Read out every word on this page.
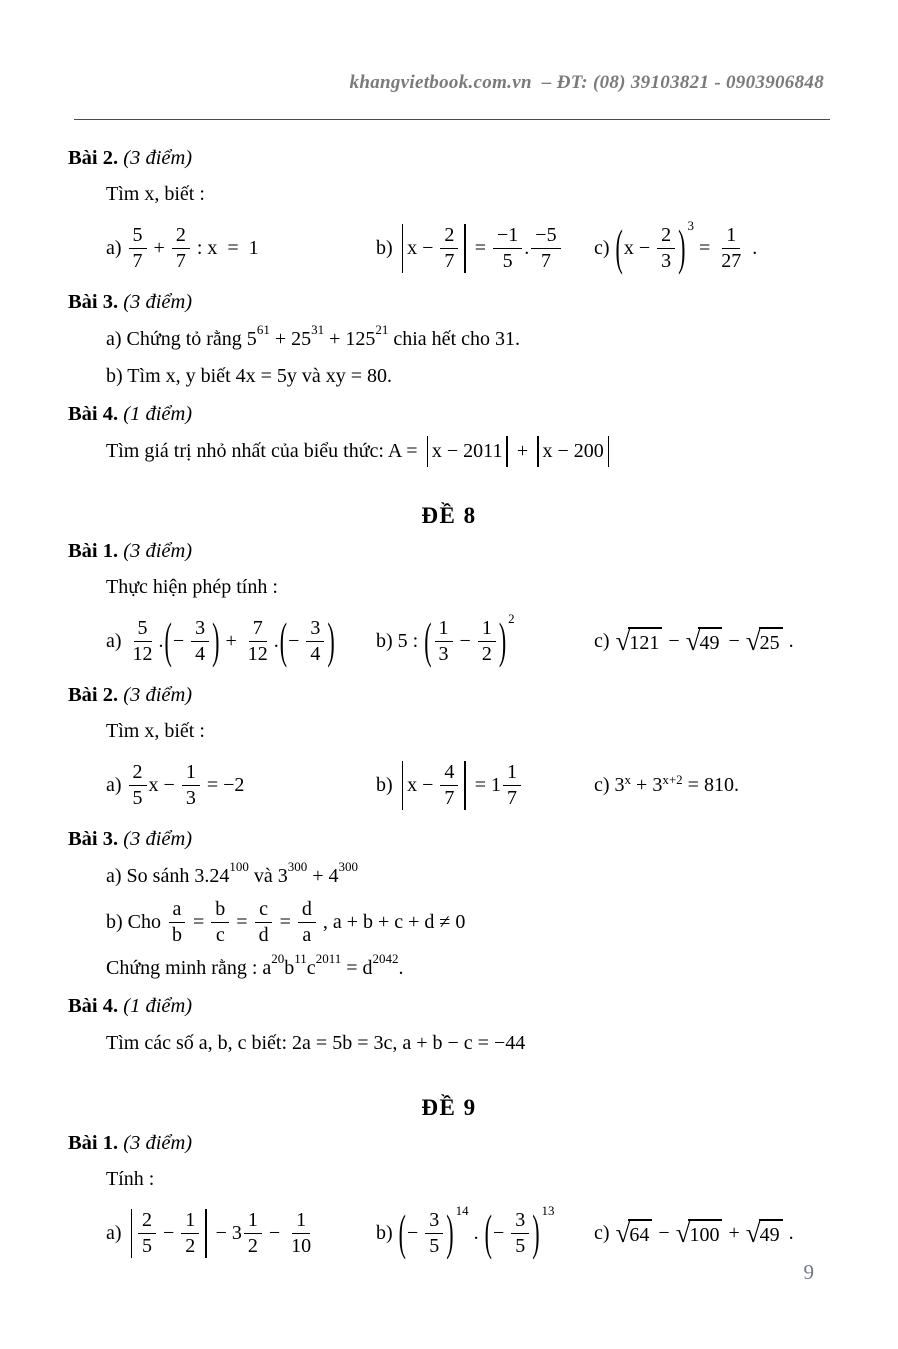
khangvietbook.com.vn  – ĐT: (08) 39103821 - 0903906848

Bài 2. (3 điểm)
Tìm x, biết :
$a) \frac{5}{7} + \frac{2}{7}$ : x  =  1	b) $x - \frac{2}{7} = \frac{-1}{5}$ . $\frac{-5}{7} c$) ( $x - \frac{2}{3}$ ) 3
= $\frac{1}{27}$ .
Bài 3. (3 điểm)
a) Chứng tỏ rằng 5 61 + 25 31 + 125 21 chia hết cho 31.
b) Tìm x, y biết 4x = 5y và xy = 80.
Bài 4. (1 điểm)
Tìm giá trị nhỏ nhất của biểu thức: A = x − 2011 + x − 200
ĐỀ 8
Bài 1. (3 điểm)
Thực hiện phép tính :
$a) \frac{5}{12}$ . ( − $\frac{3}{4}$ ) + $\frac{7}{12}$ . ( − $\frac{3}{4}$ ) b) 5 : ( $\frac{1}{3} - \frac{1}{2}$ ) 2
c) √ 121 − √ 49 − √ 25 .
Bài 2. (3 điểm)
Tìm x, biết :
$a) \frac{2}{5}$ $x - \frac{1}{3} = -2$	b) $x - \frac{4}{7} = 1 \frac{1}{7}$	c) 3 x + 3 x+2 = 810.
Bài 3. (3 điểm)
a) So sánh 3.24 100 và 3 300 + 4 300
b) Cho $\frac{a}{b} = \frac{b}{c} = \frac{c}{d} = \frac{d}{a}$ , a + b + c + d ≠ 0
Chứng minh rằng : a 20 b 11 c 2011 = d 2042 .
Bài 4. (1 điểm)
Tìm các số a, b, c biết: 2a = 5b = 3c, a + b − c = −44
ĐỀ 9
Bài 1. (3 điểm)
Tính :
$a) \frac{2}{5} - \frac{1}{2} - 3 \frac{1}{2} - \frac{1}{10}$	b) ( − $\frac{3}{5}$ ) 14
. ( − $\frac{3}{5}$ ) 13
c) √ 64 − √ 100 + √ 49 .
9
